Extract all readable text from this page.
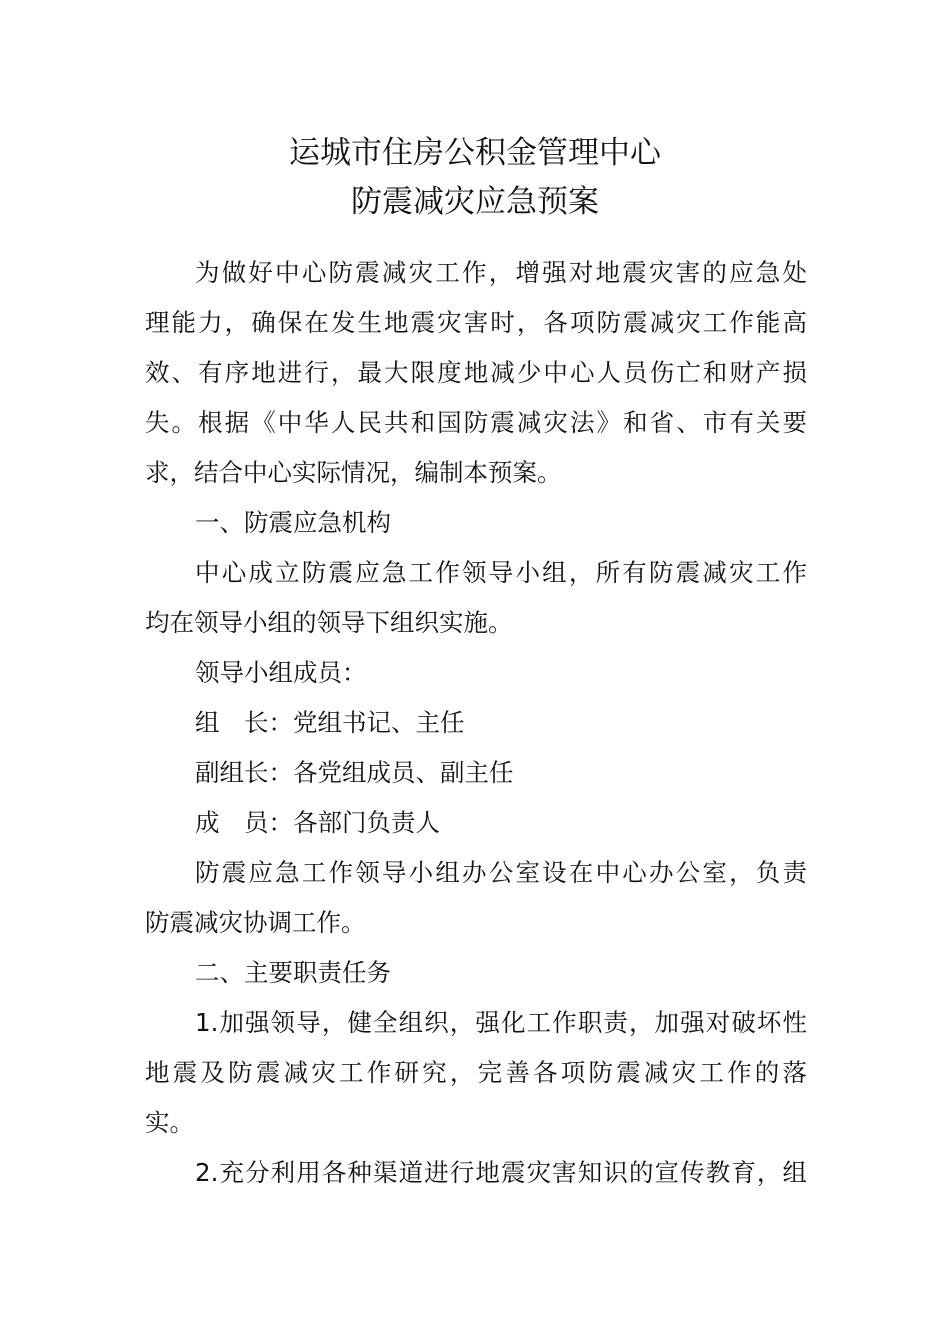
运城市住房公积金管理中心
防震减灾应急预案
为做好中心防震减灾工作，增强对地震灾害的应急处
理能力，确保在发生地震灾害时，各项防震减灾工作能高
效、有序地进行，最大限度地减少中心人员伤亡和财产损
失。根据《中华人民共和国防震减灾法》和省、市有关要
求，结合中心实际情况，编制本预案。
一、防震应急机构
中心成立防震应急工作领导小组，所有防震减灾工作
均在领导小组的领导下组织实施。
领导小组成员：
组　长：党组书记、主任
副组长：各党组成员、副主任
成　员：各部门负责人
防震应急工作领导小组办公室设在中心办公室，负责
防震减灾协调工作。
二、主要职责任务
1.加强领导，健全组织，强化工作职责，加强对破坏性
地震及防震减灾工作研究，完善各项防震减灾工作的落
实。
2.充分利用各种渠道进行地震灾害知识的宣传教育，组
